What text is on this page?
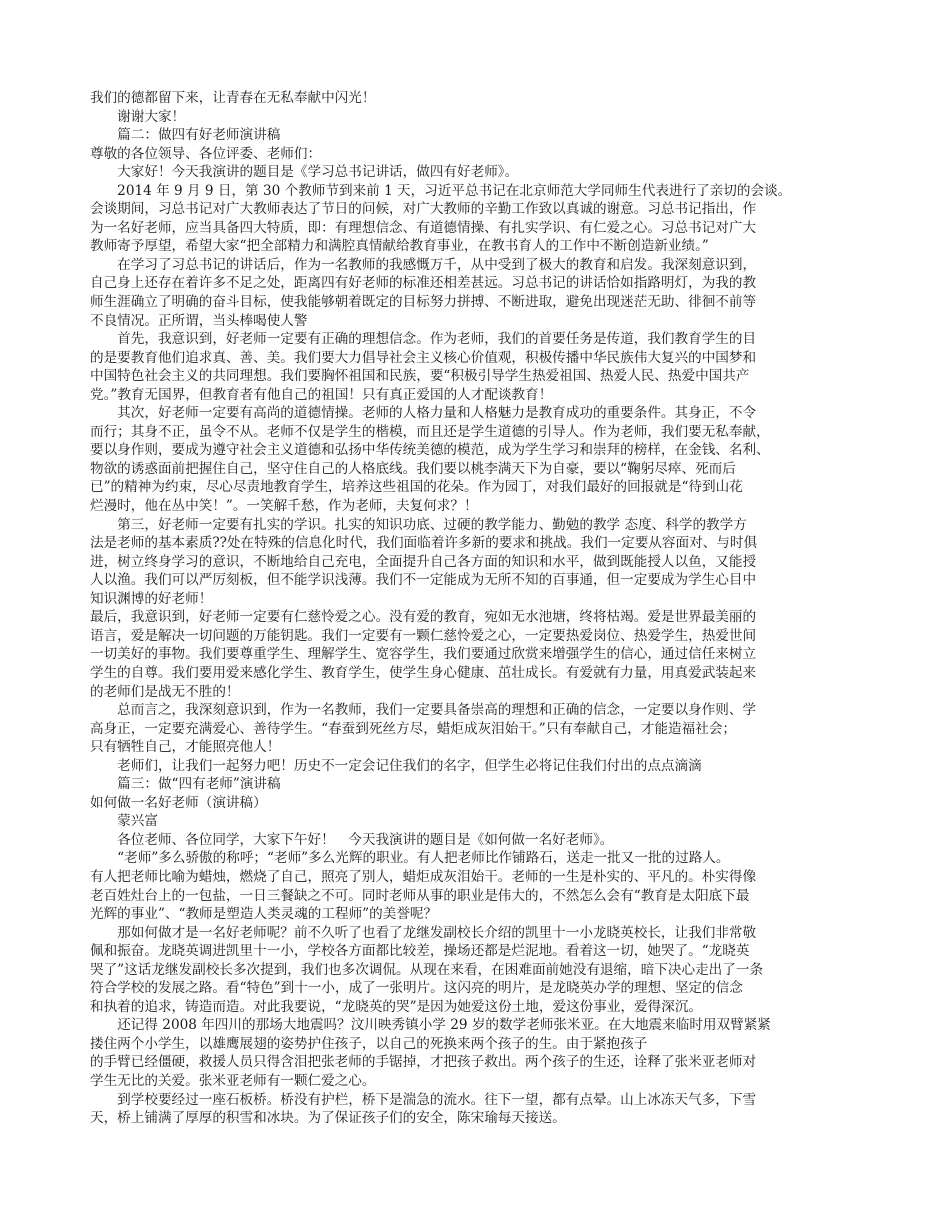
我们的德都留下来，让青春在无私奉献中闪光！
　　谢谢大家！
　　篇二：做四有好老师演讲稿
尊敬的各位领导、各位评委、老师们：
　　大家好！今天我演讲的题目是《学习总书记讲话，做四有好老师》。
　　2014 年 9 月 9 日，第 30 个教师节到来前 1 天，习近平总书记在北京师范大学同师生代表进行了亲切的会谈。
会谈期间，习总书记对广大教师表达了节日的问候，对广大教师的辛勤工作致以真诚的谢意。习总书记指出，作
为一名好老师，应当具备四大特质，即：有理想信念、有道德情操、有扎实学识、有仁爱之心。习总书记对广大
教师寄予厚望，希望大家“把全部精力和满腔真情献给教育事业，在教书育人的工作中不断创造新业绩。”
　　在学习了习总书记的讲话后，作为一名教师的我感慨万千，从中受到了极大的教育和启发。我深刻意识到，
自己身上还存在着许多不足之处，距离四有好老师的标准还相差甚远。习总书记的讲话恰如指路明灯，为我的教
师生涯确立了明确的奋斗目标，使我能够朝着既定的目标努力拼搏、不断进取，避免出现迷茫无助、徘徊不前等
不良情况。正所谓，当头棒喝使人警
　　首先，我意识到，好老师一定要有正确的理想信念。作为老师，我们的首要任务是传道，我们教育学生的目
的是要教育他们追求真、善、美。我们要大力倡导社会主义核心价值观，积极传播中华民族伟大复兴的中国梦和
中国特色社会主义的共同理想。我们要胸怀祖国和民族，要“积极引导学生热爱祖国、热爱人民、热爱中国共产
党。”教育无国界，但教育者有他自己的祖国！只有真正爱国的人才配谈教育！
　　其次，好老师一定要有高尚的道德情操。老师的人格力量和人格魅力是教育成功的重要条件。其身正，不令
而行；其身不正，虽令不从。老师不仅是学生的楷模，而且还是学生道德的引导人。作为老师，我们要无私奉献，
要以身作则，要成为遵守社会主义道德和弘扬中华传统美德的模范，成为学生学习和崇拜的榜样，在金钱、名利、
物欲的诱惑面前把握住自己，坚守住自己的人格底线。我们要以桃李满天下为自豪，要以“鞠躬尽瘁、死而后
已”的精神为约束，尽心尽责地教育学生，培养这些祖国的花朵。作为园丁，对我们最好的回报就是“待到山花
烂漫时，他在丛中笑！”。一笑解千愁，作为老师，夫复何求？！
　　第三，好老师一定要有扎实的学识。扎实的知识功底、过硬的教学能力、勤勉的教学 态度、科学的教学方
法是老师的基本素质??处在特殊的信息化时代，我们面临着许多新的要求和挑战。我们一定要从容面对、与时俱
进，树立终身学习的意识，不断地给自己充电，全面提升自己各方面的知识和水平，做到既能授人以鱼，又能授
人以渔。我们可以严厉刻板，但不能学识浅薄。我们不一定能成为无所不知的百事通，但一定要成为学生心目中
知识渊博的好老师！
最后，我意识到，好老师一定要有仁慈怜爱之心。没有爱的教育，宛如无水池塘，终将枯竭。爱是世界最美丽的
语言，爱是解决一切问题的万能钥匙。我们一定要有一颗仁慈怜爱之心，一定要热爱岗位、热爱学生，热爱世间
一切美好的事物。我们要尊重学生、理解学生、宽容学生，我们要通过欣赏来增强学生的信心，通过信任来树立
学生的自尊。我们要用爱来感化学生、教育学生，使学生身心健康、茁壮成长。有爱就有力量，用真爱武装起来
的老师们是战无不胜的！
　　总而言之，我深刻意识到，作为一名教师，我们一定要具备崇高的理想和正确的信念，一定要以身作则、学
高身正，一定要充满爱心、善待学生。“春蚕到死丝方尽，蜡炬成灰泪始干。”只有奉献自己，才能造福社会；
只有牺牲自己，才能照亮他人！
　　老师们，让我们一起努力吧！历史不一定会记住我们的名字，但学生必将记住我们付出的点点滴滴
　　篇三：做“四有老师”演讲稿
如何做一名好老师（演讲稿）
　　蒙兴富
　　各位老师、各位同学，大家下午好！　今天我演讲的题目是《如何做一名好老师》。
　　“老师”多么骄傲的称呼；“老师”多么光辉的职业。有人把老师比作铺路石，送走一批又一批的过路人。
有人把老师比喻为蜡烛，燃烧了自己，照亮了别人，蜡炬成灰泪始干。老师的一生是朴实的、平凡的。朴实得像
老百姓灶台上的一包盐，一日三餐缺之不可。同时老师从事的职业是伟大的，不然怎么会有“教育是太阳底下最
光辉的事业”、“教师是塑造人类灵魂的工程师”的美誉呢？
　　那如何做才是一名好老师呢？前不久听了也看了龙继发副校长介绍的凯里十一小龙晓英校长，让我们非常敬
佩和振奋。龙晓英调进凯里十一小，学校各方面都比较差，操场还都是烂泥地。看着这一切，她哭了。“龙晓英
哭了”这话龙继发副校长多次提到，我们也多次调侃。从现在来看，在困难面前她没有退缩，暗下决心走出了一条
符合学校的发展之路。看“特色”到十一小，成了一张明片。这闪亮的明片，是龙晓英办学的理想、坚定的信念
和执着的追求，铸造而造。对此我要说，“龙晓英的哭”是因为她爱这份土地，爱这份事业，爱得深沉。
　　还记得 2008 年四川的那场大地震吗？汶川映秀镇小学 29 岁的数学老师张米亚。在大地震来临时用双臂紧紧
搂住两个小学生，以雄鹰展翅的姿势护住孩子，以自己的死换来两个孩子的生。由于紧抱孩子
的手臂已经僵硬，救援人员只得含泪把张老师的手锯掉，才把孩子救出。两个孩子的生还，诠释了张米亚老师对
学生无比的关爱。张米亚老师有一颗仁爱之心。
　　到学校要经过一座石板桥。桥没有护栏，桥下是湍急的流水。往下一望，都有点晕。山上冰冻天气多，下雪
天，桥上铺满了厚厚的积雪和冰块。为了保证孩子们的安全，陈宋瑜每天接送。
